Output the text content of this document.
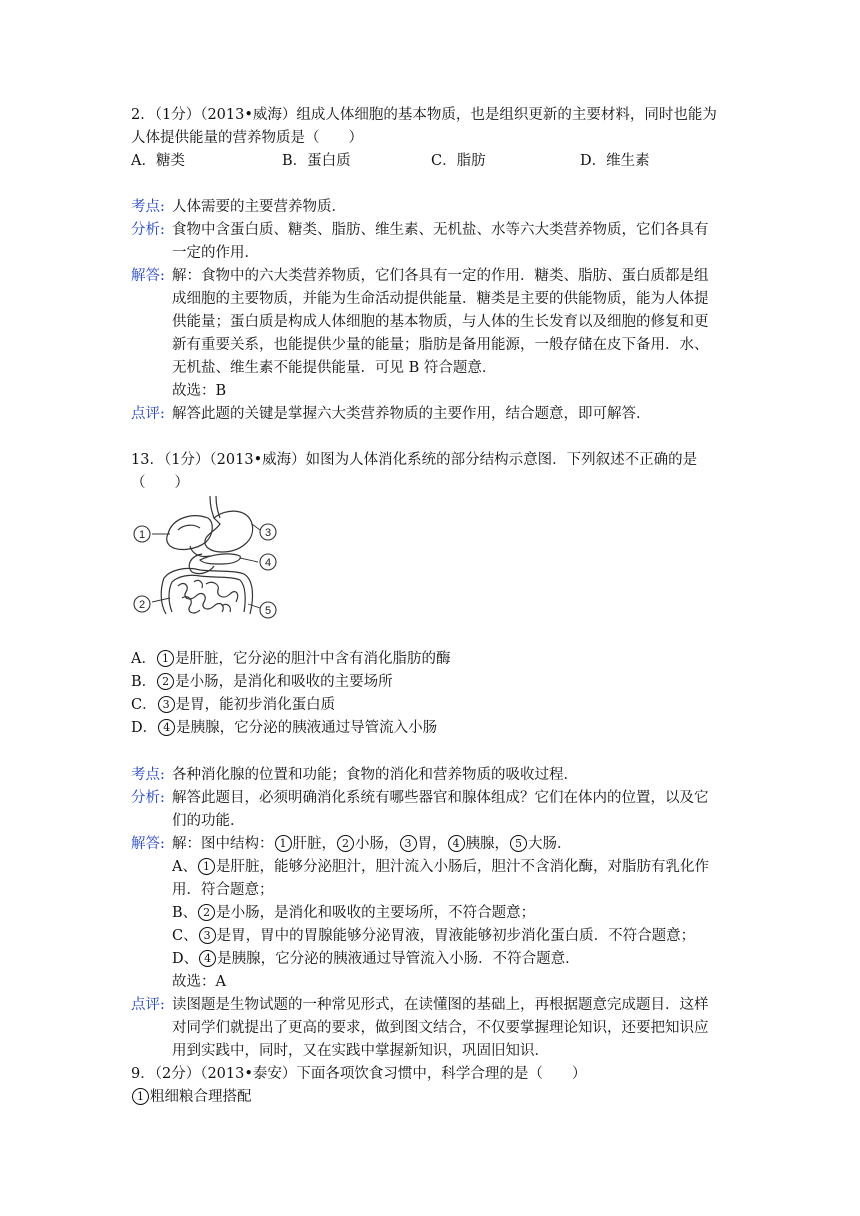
2．（1分）（2013•威海）组成人体细胞的基本物质，也是组织更新的主要材料，同时也能为
人体提供能量的营养物质是（　　）
A．糖类	B．蛋白质	C．脂肪	D．维生素
考点: 人体需要的主要营养物质．
分析: 食物中含蛋白质、糖类、脂肪、维生素、无机盐、水等六大类营养物质，它们各具有
一定的作用．
解答: 解：食物中的六大类营养物质，它们各具有一定的作用．糖类、脂肪、蛋白质都是组
成细胞的主要物质，并能为生命活动提供能量．糖类是主要的供能物质，能为人体提
供能量；蛋白质是构成人体细胞的基本物质，与人体的生长发育以及细胞的修复和更
新有重要关系，也能提供少量的能量；脂肪是备用能源，一般存储在皮下备用．水、
无机盐、维生素不能提供能量．可见 B 符合题意．
故选：B
点评: 解答此题的关键是掌握六大类营养物质的主要作用，结合题意，即可解答．
13．（1分）（2013•威海）如图为人体消化系统的部分结构示意图．下列叙述不正确的是
（　　）
1
2
3
4
5
A． 1 是肝脏，它分泌的胆汁中含有消化脂肪的酶
B． 2 是小肠，是消化和吸收的主要场所
C． 3 是胃，能初步消化蛋白质
D． 4 是胰腺，它分泌的胰液通过导管流入小肠
考点: 各种消化腺的位置和功能；食物的消化和营养物质的吸收过程．
分析: 解答此题目，必须明确消化系统有哪些器官和腺体组成？它们在体内的位置，以及它
们的功能．
解答: 解：图中结构： 1 肝脏， 2 小肠， 3 胃， 4 胰腺， 5 大肠．
A、 1 是肝脏，能够分泌胆汁，胆汁流入小肠后，胆汁不含消化酶，对脂肪有乳化作
用．符合题意；
B、 2 是小肠，是消化和吸收的主要场所，不符合题意；
C、 3 是胃，胃中的胃腺能够分泌胃液，胃液能够初步消化蛋白质．不符合题意；
D、 4 是胰腺，它分泌的胰液通过导管流入小肠．不符合题意．
故选：A
点评: 读图题是生物试题的一种常见形式，在读懂图的基础上，再根据题意完成题目．这样
对同学们就提出了更高的要求，做到图文结合，不仅要掌握理论知识，还要把知识应
用到实践中，同时，又在实践中掌握新知识，巩固旧知识．
9．（2分）（2013•泰安）下面各项饮食习惯中，科学合理的是（　　）
1 粗细粮合理搭配
